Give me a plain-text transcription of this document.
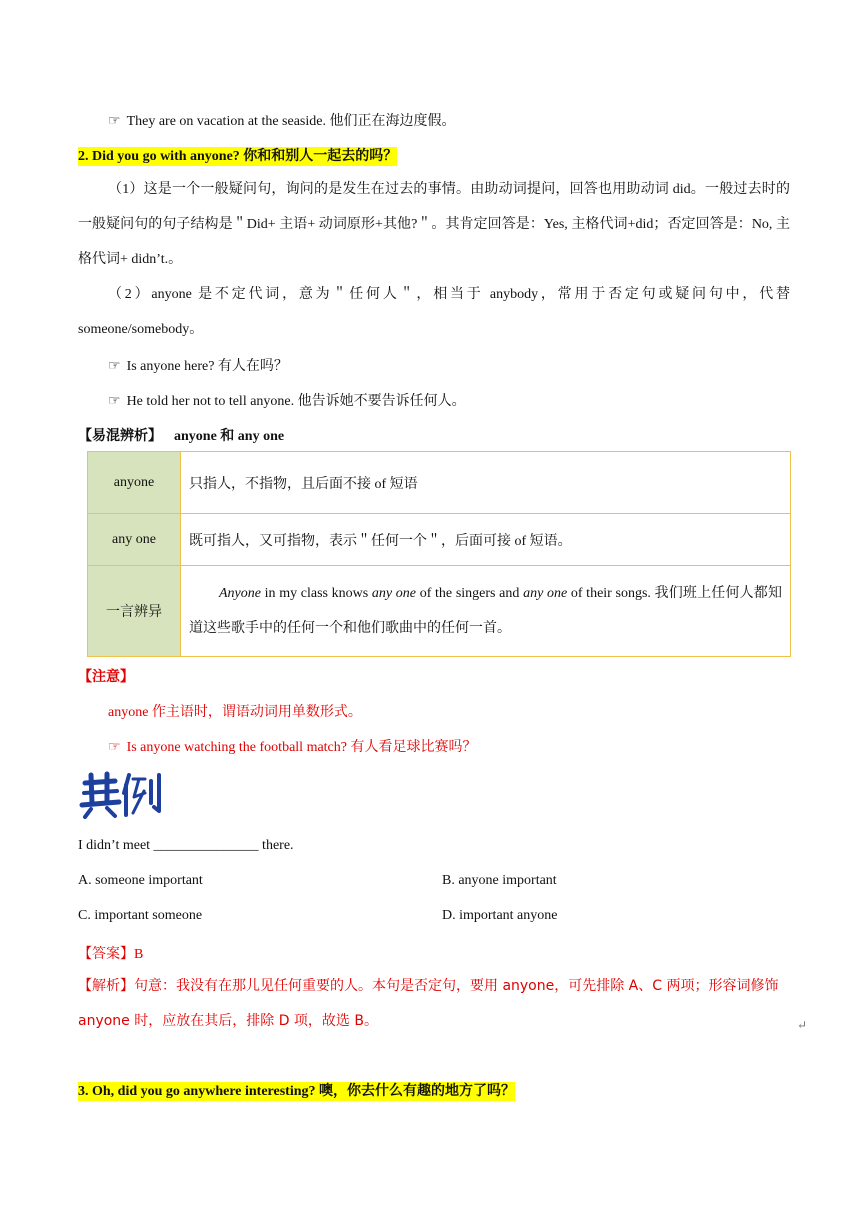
☞ They are on vacation at the seaside. 他们正在海边度假。
2. Did you go with anyone? 你和和别人一起去的吗？
（1）这是一个一般疑问句，询问的是发生在过去的事情。由助动词提问，回答也用助动词 did。一般过去时的一般疑问句的句子结构是＂Did+ 主语+ 动词原形+其他?＂。其肯定回答是：Yes, 主格代词+did；否定回答是：No, 主格代词+ didn’t.。
（2）anyone 是不定代词，意为＂任何人＂，相当于 anybody，常用于否定句或疑问句中，代替 someone/somebody。
☞ Is anyone here? 有人在吗？
☞ He told her not to tell anyone. 他告诉她不要告诉任何人。
【易混辨析】 anyone 和 any one
anyone	只指人，不指物，且后面不接 of 短语
any one	既可指人，又可指物，表示＂任何一个＂，后面可接 of 短语。
一言辨异	Anyone in my class knows any one of the singers and any one of their songs. 我们班上任何人都知道这些歌手中的任何一个和他们歌曲中的任何一首。
【注意】
anyone 作主语时，谓语动词用单数形式。
☞ Is anyone watching the football match? 有人看足球比赛吗？
I didn’t meet _______________ there.
A. someone important	B. anyone important
C. important someone	D. important anyone
【答案】B
【解析】句意：我没有在那儿见任何重要的人。本句是否定句，要用 anyone，可先排除 A、C 两项；形容词修饰 anyone 时，应放在其后，排除 D 项，故选 B。	↵
3. Oh, did you go anywhere interesting? 噢，你去什么有趣的地方了吗？
